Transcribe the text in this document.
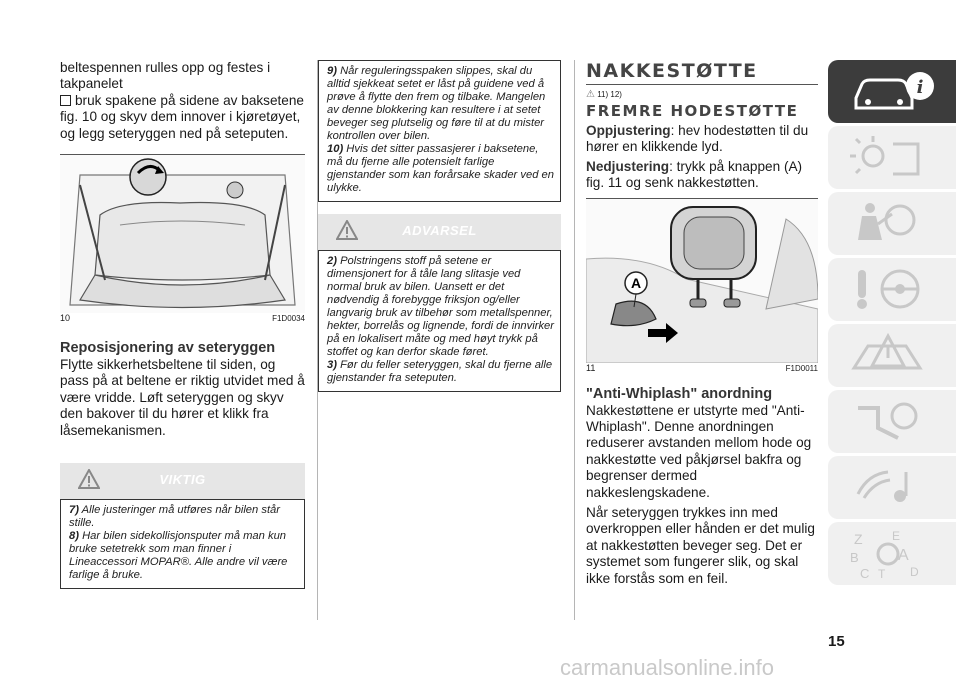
beltespennen rulles opp og festes i takpanelet

bruk spakene på sidene av baksetene fig. 10 og skyv dem innover i kjøretøyet, og legg seteryggen ned på seteputen.

10	F1D0034

Reposisjonering av seteryggen

Flytte sikkerhetsbeltene til siden, og pass på at beltene er riktig utvidet med å være vridde. Løft seteryggen og skyv den bakover til du hører et klikk fra låsemekanismen.

VIKTIG

7) Alle justeringer må utføres når bilen står stille.

8) Har bilen sidekollisjonsputer må man kun bruke setetrekk som man finner i Lineaccessori MOPAR®. Alle andre vil være farlige å bruke.

9) Når reguleringsspaken slippes, skal du alltid sjekkeat setet er låst på guidene ved å prøve å flytte den frem og tilbake. Mangelen av denne blokkering kan resultere i at setet beveger seg plutselig og føre til at du mister kontrollen over bilen.

10) Hvis det sitter passasjerer i baksetene, må du fjerne alle potensielt farlige gjenstander som kan forårsake skader ved en ulykke.

ADVARSEL

2) Polstringens stoff på setene er dimensjonert for å tåle lang slitasje ved normal bruk av bilen. Uansett er det nødvendig å forebygge friksjon og/eller langvarig bruk av tilbehør som metallspenner, hekter, borrelås og lignende, fordi de innvirker på en lokalisert måte og med høyt trykk på stoffet og kan derfor skade føret.

3) Før du feller seteryggen, skal du fjerne alle gjenstander fra seteputen.

NAKKESTØTTE

⚠ 11) 12)

FREMRE HODESTØTTE

Oppjustering: hev hodestøtten til du hører en klikkende lyd.

Nedjustering: trykk på knappen (A) fig. 11 og senk nakkestøtten.

A
11	F1D0011

"Anti-Whiplash" anordning

Nakkestøttene er utstyrte med "Anti-Whiplash". Denne anordningen reduserer avstanden mellom hode og nakkestøtte ved påkjørsel bakfra og begrenser dermed nakkeslengskadene.

Når seteryggen trykkes inn med overkroppen eller hånden er det mulig at nakkestøtten beveger seg. Det er systemet som fungerer slik, og skal ikke forstås som en feil.

i
Z E
B A
C T D
15
carmanualsonline.info
